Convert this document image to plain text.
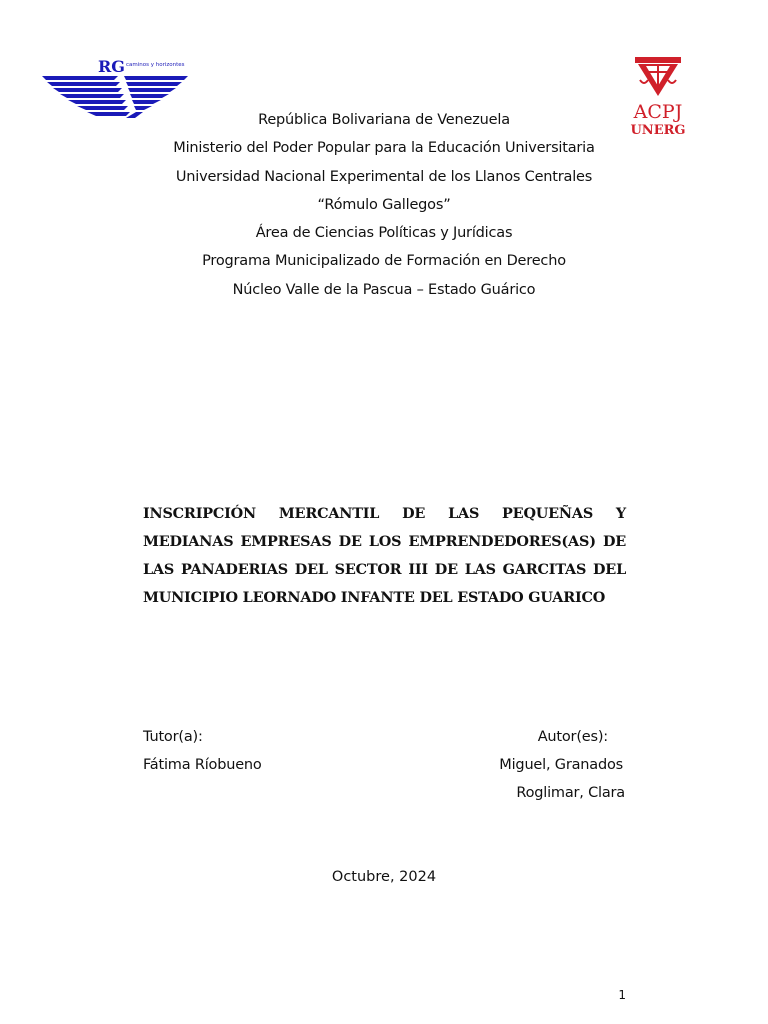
RG caminos y horizontes
ACPJ
UNERG
República Bolivariana de Venezuela
Ministerio del Poder Popular para la Educación Universitaria
Universidad Nacional Experimental de los Llanos Centrales
“Rómulo Gallegos”
Área de Ciencias Políticas y Jurídicas
Programa Municipalizado de Formación en Derecho
Núcleo Valle de la Pascua – Estado Guárico
INSCRIPCIÓN MERCANTIL DE LAS PEQUEÑAS Y MEDIANAS EMPRESAS DE LOS EMPRENDEDORES(AS) DE LAS PANADERIAS DEL SECTOR III DE LAS GARCITAS DEL MUNICIPIO LEORNADO INFANTE DEL ESTADO GUARICO
Tutor(a):
Fátima Ríobueno
Autor(es):
Miguel, Granados
Roglimar, Clara
Octubre, 2024
1
